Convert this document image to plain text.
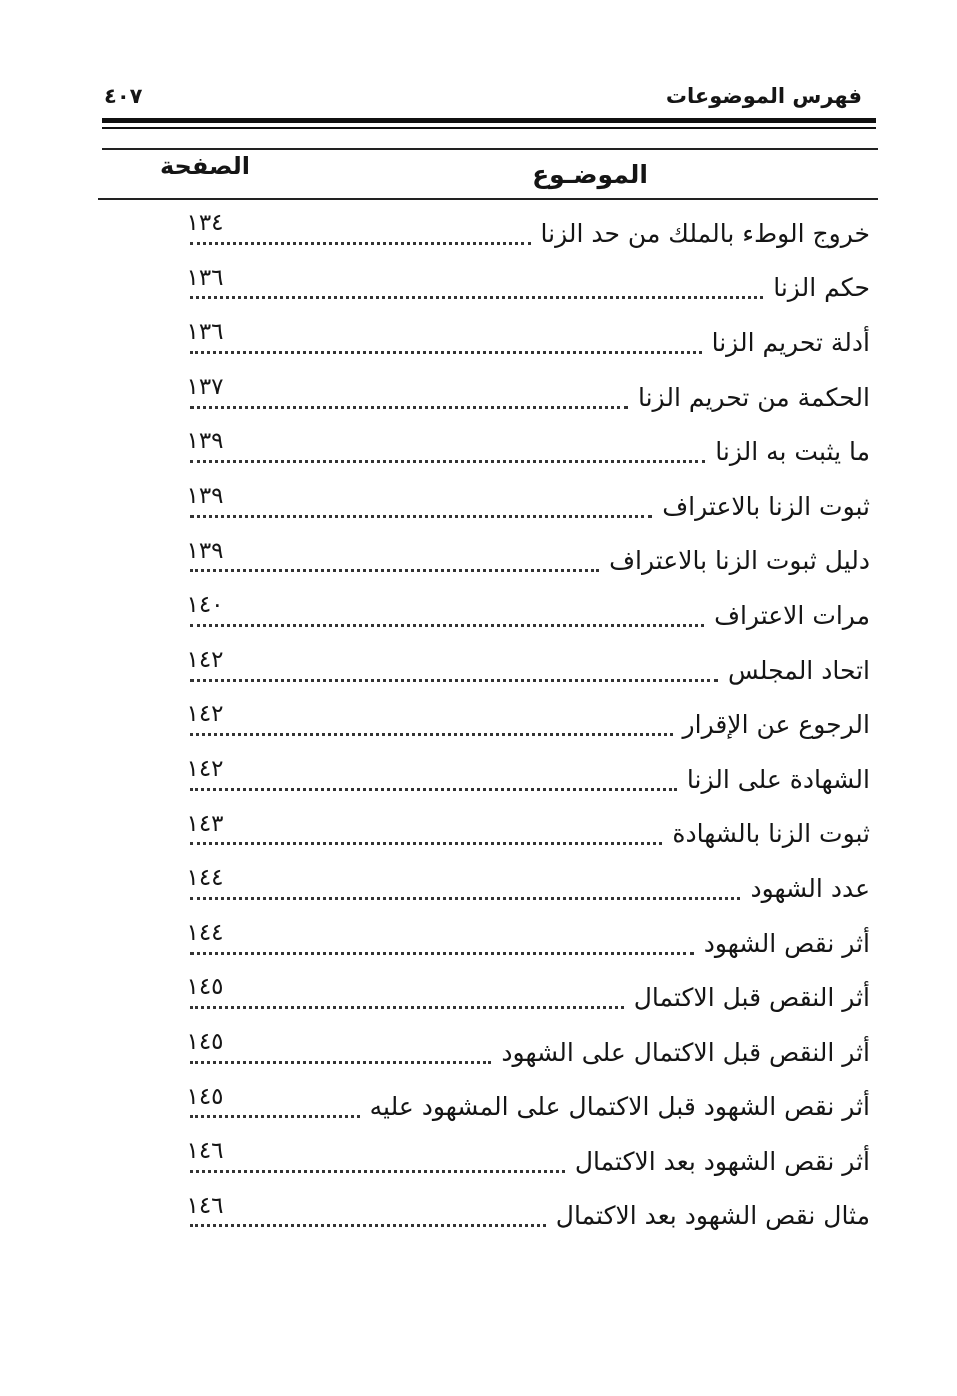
فهرس الموضوعات
٤٠٧
الموضـوع
الصفحة
خروج الوطء بالملك من حد الزنا
١٣٤
حكم الزنا
١٣٦
أدلة تحريم الزنا
١٣٦
الحكمة من تحريم الزنا
١٣٧
ما يثبت به الزنا
١٣٩
ثبوت الزنا بالاعتراف
١٣٩
دليل ثبوت الزنا بالاعتراف
١٣٩
مرات الاعتراف
١٤٠
اتحاد المجلس
١٤٢
الرجوع عن الإقرار
١٤٢
الشهادة على الزنا
١٤٢
ثبوت الزنا بالشهادة
١٤٣
عدد الشهود
١٤٤
أثر نقص الشهود
١٤٤
أثر النقص قبل الاكتمال
١٤٥
أثر النقص قبل الاكتمال على الشهود
١٤٥
أثر نقص الشهود قبل الاكتمال على المشهود عليه
١٤٥
أثر نقص الشهود بعد الاكتمال
١٤٦
مثال نقص الشهود بعد الاكتمال
١٤٦
